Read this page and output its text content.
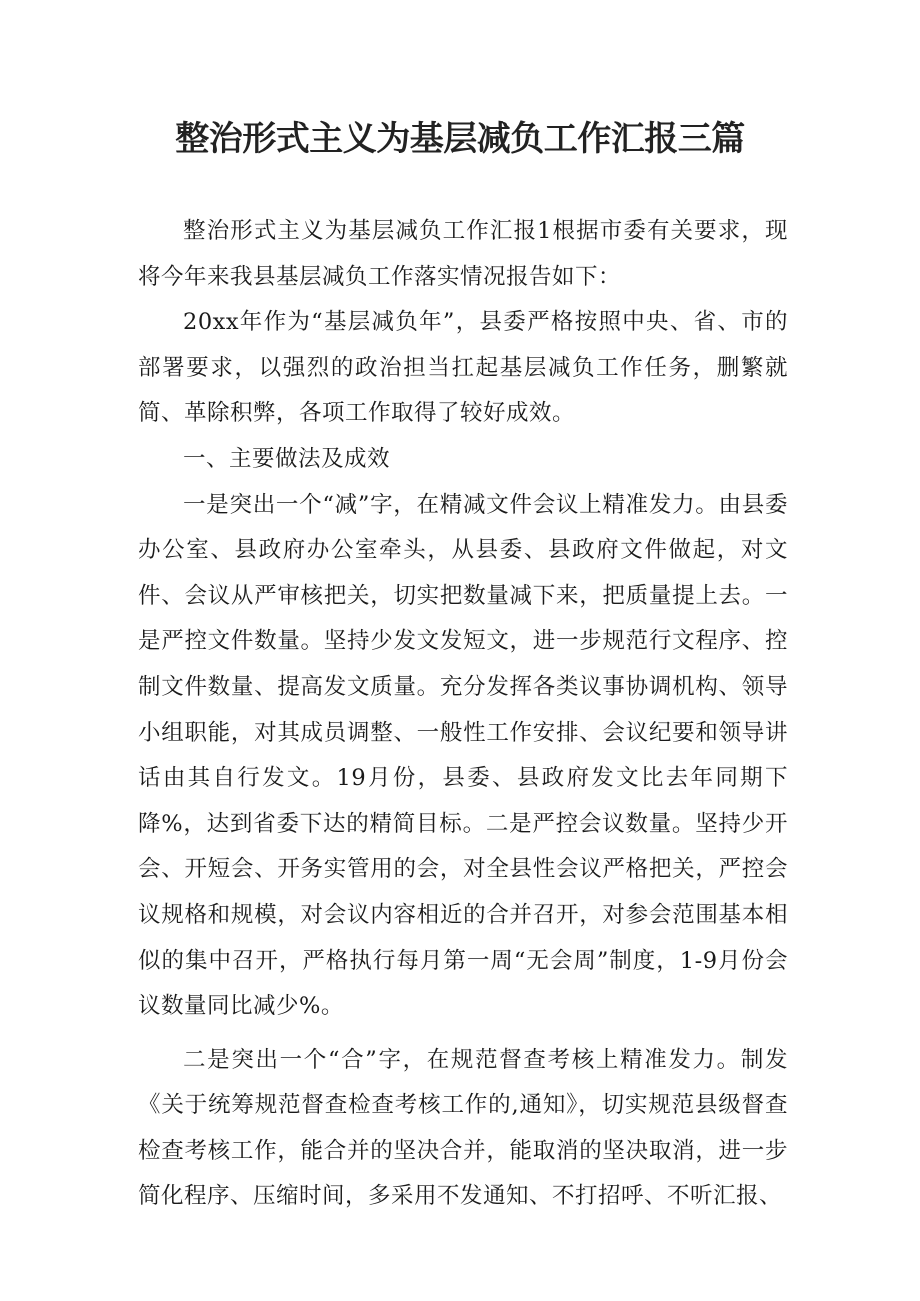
整治形式主义为基层减负工作汇报三篇

整治形式主义为基层减负工作汇报1根据市委有关要求，现将今年来我县基层减负工作落实情况报告如下：

20xx年作为“基层减负年”，县委严格按照中央、省、市的部署要求，以强烈的政治担当扛起基层减负工作任务，删繁就简、革除积弊，各项工作取得了较好成效。

一、主要做法及成效

一是突出一个“减”字，在精减文件会议上精准发力。由县委办公室、县政府办公室牵头，从县委、县政府文件做起，对文件、会议从严审核把关，切实把数量减下来，把质量提上去。一是严控文件数量。坚持少发文发短文，进一步规范行文程序、控制文件数量、提高发文质量。充分发挥各类议事协调机构、领导小组职能，对其成员调整、一般性工作安排、会议纪要和领导讲话由其自行发文。19月份，县委、县政府发文比去年同期下降%，达到省委下达的精简目标。二是严控会议数量。坚持少开会、开短会、开务实管用的会，对全县性会议严格把关，严控会议规格和规模，对会议内容相近的合并召开，对参会范围基本相似的集中召开，严格执行每月第一周“无会周”制度，1-9月份会议数量同比减少%。

二是突出一个“合”字，在规范督查考核上精准发力。制发《关于统筹规范督查检查考核工作的,通知》，切实规范县级督查检查考核工作，能合并的坚决合并，能取消的坚决取消，进一步简化程序、压缩时间，多采用不发通知、不打招呼、不听汇报、
